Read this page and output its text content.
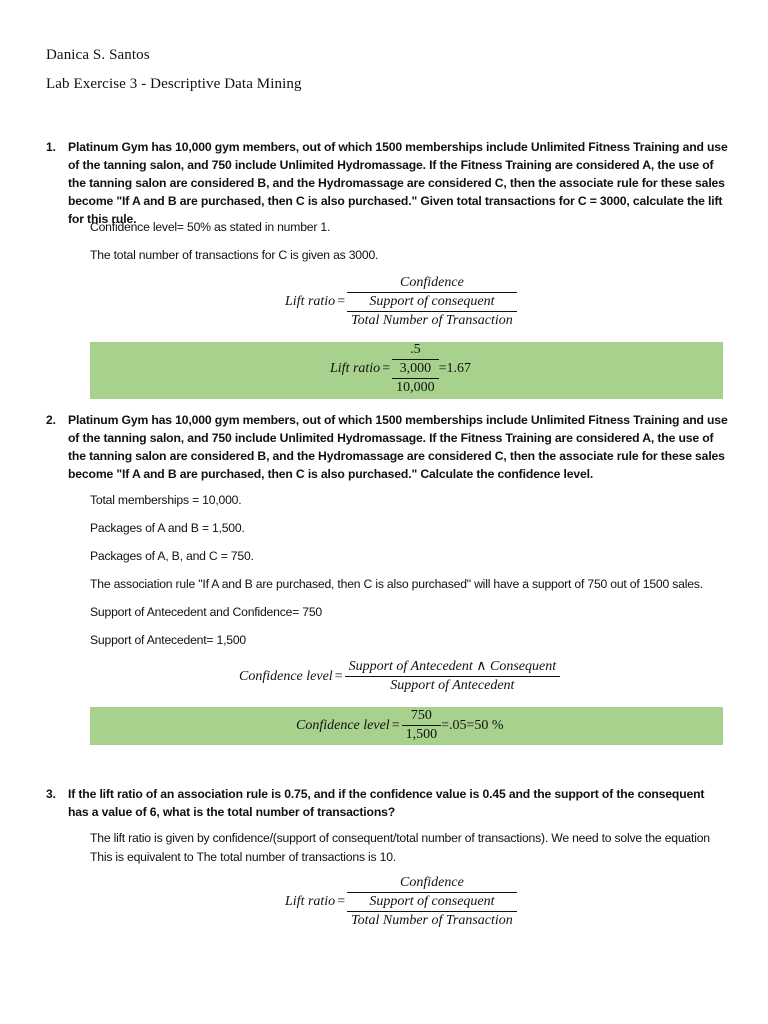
Danica S. Santos
Lab Exercise 3 - Descriptive Data Mining
1. Platinum Gym has 10,000 gym members, out of which 1500 memberships include Unlimited Fitness Training and use of the tanning salon, and 750 include Unlimited Hydromassage. If the Fitness Training are considered A, the use of the tanning salon are considered B, and the Hydromassage are considered C, then the associate rule for these sales become "If A and B are purchased, then C is also purchased." Given total transactions for C = 3000, calculate the lift for this rule.
Confidence level= 50% as stated in number 1.
The total number of transactions for C is given as 3000.
Lift ratio =
Confidence
$\frac{\text{Support of consequent}}{\text{Total Number of Transaction}}$
Lift ratio = $\frac{.5}{\frac{3,000}{10,000}} =1.67$
2. Platinum Gym has 10,000 gym members, out of which 1500 memberships include Unlimited Fitness Training and use of the tanning salon, and 750 include Unlimited Hydromassage. If the Fitness Training are considered A, the use of the tanning salon are considered B, and the Hydromassage are considered C, then the associate rule for these sales become "If A and B are purchased, then C is also purchased." Calculate the confidence level.
Total memberships = 10,000.
Packages of A and B = 1,500.
Packages of A, B, and C = 750.
The association rule "If A and B are purchased, then C is also purchased" will have a support of 750 out of 1500 sales.
Support of Antecedent and Confidence= 750
Support of Antecedent= 1,500
Confidence level = $\frac{\text{Support of Antecedent ∧ Consequent}}{\text{Support of Antecedent}}$
Confidence level = $\frac{750}{1,500} =.05=50$ %
3. If the lift ratio of an association rule is 0.75, and if the confidence value is 0.45 and the support of the consequent has a value of 6, what is the total number of transactions?
The lift ratio is given by confidence/(support of consequent/total number of transactions). We need to solve the equation This is equivalent to The total number of transactions is 10.
Lift ratio =
Confidence
$\frac{\text{Support of consequent}}{\text{Total Number of Transaction}}$
